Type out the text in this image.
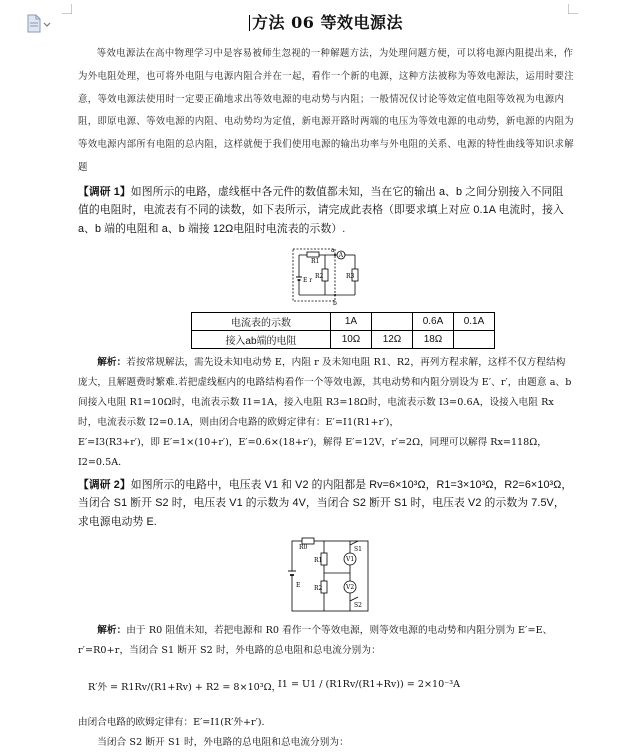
方法 06 等效电源法

等效电源法在高中物理学习中是容易被师生忽视的一种解题方法，为处理问题方便，可以将电源内阻提出来，作为外电阻处理，也可将外电阻与电源内阻合并在一起，看作一个新的电源，这种方法被称为等效电源法，运用时要注意，等效电源法使用时一定要正确地求出等效电源的电动势与内阻；一般情况仅讨论等效定值电阻等效视为电源内阻，即原电源、等效电源的内阻、电动势均为定值，新电源开路时两端的电压为等效电源的电动势，新电源的内阻为等效电源内部所有电阻的总内阻，这样就便于我们使用电源的输出功率与外电阻的关系、电源的特性曲线等知识求解题

【调研 1】如图所示的电路，虚线框中各元件的数值都未知，当在它的输出 a、b 之间分别接入不同阻值的电阻时，电流表有不同的读数，如下表所示，请完成此表格（即要求填上对应 0.1A 电流时，接入 a、b 端的电阻和 a、b 端接 12Ω电阻时电流表的示数）.

R1
E r
R2
A
a
R3
b
电流表的示数	1A		0.6A	0.1A
接入ab端的电阻	10Ω	12Ω	18Ω	

解析：若按常规解法，需先设未知电动势 E，内阻 r 及未知电阻 R1、R2，再列方程求解，这样不仅方程结构庞大，且解题费时繁难.若把虚线框内的电路结构看作一个等效电源，其电动势和内阻分别设为 E′、r′，由题意 a、b 间接入电阻 R1=10Ω时，电流表示数 I1=1A，接入电阻 R3=18Ω时，电流表示数 I3=0.6A，设接入电阻 Rx 时，电流表示数 I2=0.1A，则由闭合电路的欧姆定律有：E′=I1(R1+r′)，

E′=I3(R3+r′)，即 E′=1×(10+r′)，E′=0.6×(18+r′)，解得 E′=12V，r′=2Ω，同理可以解得 Rx=118Ω，I2=0.5A.

【调研 2】如图所示的电路中，电压表 V1 和 V2 的内阻都是 Rv=6×10³Ω，R1=3×10³Ω，R2=6×10³Ω，当闭合 S1 断开 S2 时，电压表 V1 的示数为 4V，当闭合 S2 断开 S1 时，电压表 V2 的示数为 7.5V，求电源电动势 E.

R0
E
R1
R2
V1
V2
S1
S2

解析：由于 R0 阻值未知，若把电源和 R0 看作一个等效电源，则等效电源的电动势和内阻分别为 E′=E、r′=R0+r，当闭合 S1 断开 S2 时，外电路的总电阻和总电流分别为：

R′外 = R1Rv/(R1+Rv) + R2 = 8×10³Ω，
I1 = U1 / (R1Rv/(R1+Rv)) = 2×10⁻³A

由闭合电路的欧姆定律有：E′=I1(R′外+r′).

当闭合 S2 断开 S1 时，外电路的总电阻和总电流分别为：
